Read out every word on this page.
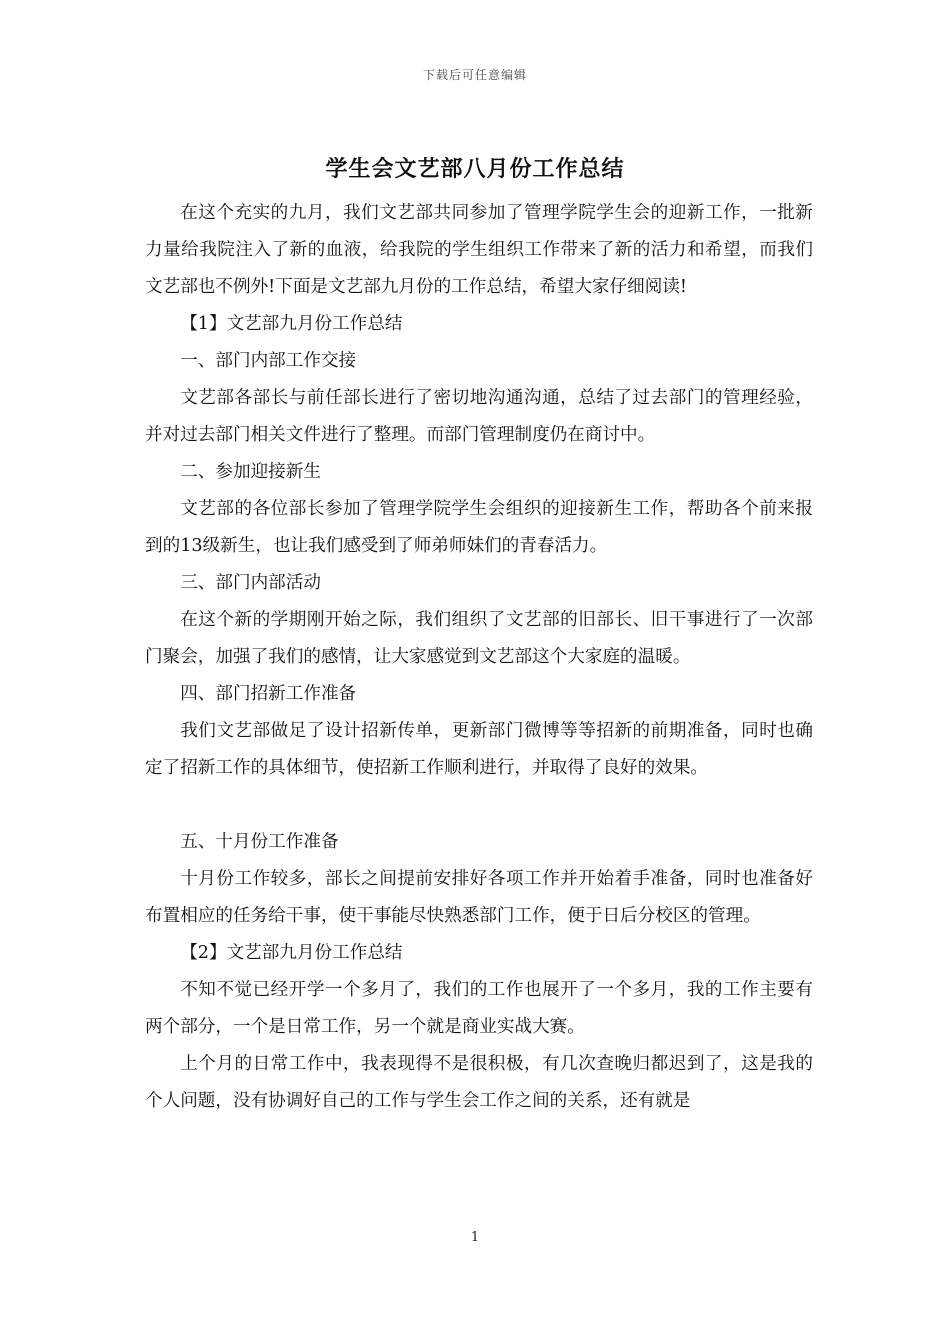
下载后可任意编辑
学生会文艺部八月份工作总结

在这个充实的九月，我们文艺部共同参加了管理学院学生会的迎新工作，一批新力量给我院注入了新的血液，给我院的学生组织工作带来了新的活力和希望，而我们文艺部也不例外!下面是文艺部九月份的工作总结，希望大家仔细阅读!

【1】文艺部九月份工作总结

一、部门内部工作交接

文艺部各部长与前任部长进行了密切地沟通沟通，总结了过去部门的管理经验，并对过去部门相关文件进行了整理。而部门管理制度仍在商讨中。

二、参加迎接新生

文艺部的各位部长参加了管理学院学生会组织的迎接新生工作，帮助各个前来报到的13级新生，也让我们感受到了师弟师妹们的青春活力。

三、部门内部活动

在这个新的学期刚开始之际，我们组织了文艺部的旧部长、旧干事进行了一次部门聚会，加强了我们的感情，让大家感觉到文艺部这个大家庭的温暖。

四、部门招新工作准备

我们文艺部做足了设计招新传单，更新部门微博等等招新的前期准备，同时也确定了招新工作的具体细节，使招新工作顺利进行，并取得了良好的效果。

五、十月份工作准备

十月份工作较多，部长之间提前安排好各项工作并开始着手准备，同时也准备好布置相应的任务给干事，使干事能尽快熟悉部门工作，便于日后分校区的管理。

【2】文艺部九月份工作总结

不知不觉已经开学一个多月了，我们的工作也展开了一个多月，我的工作主要有两个部分，一个是日常工作，另一个就是商业实战大赛。

上个月的日常工作中，我表现得不是很积极，有几次查晚归都迟到了，这是我的个人问题，没有协调好自己的工作与学生会工作之间的关系，还有就是

1
